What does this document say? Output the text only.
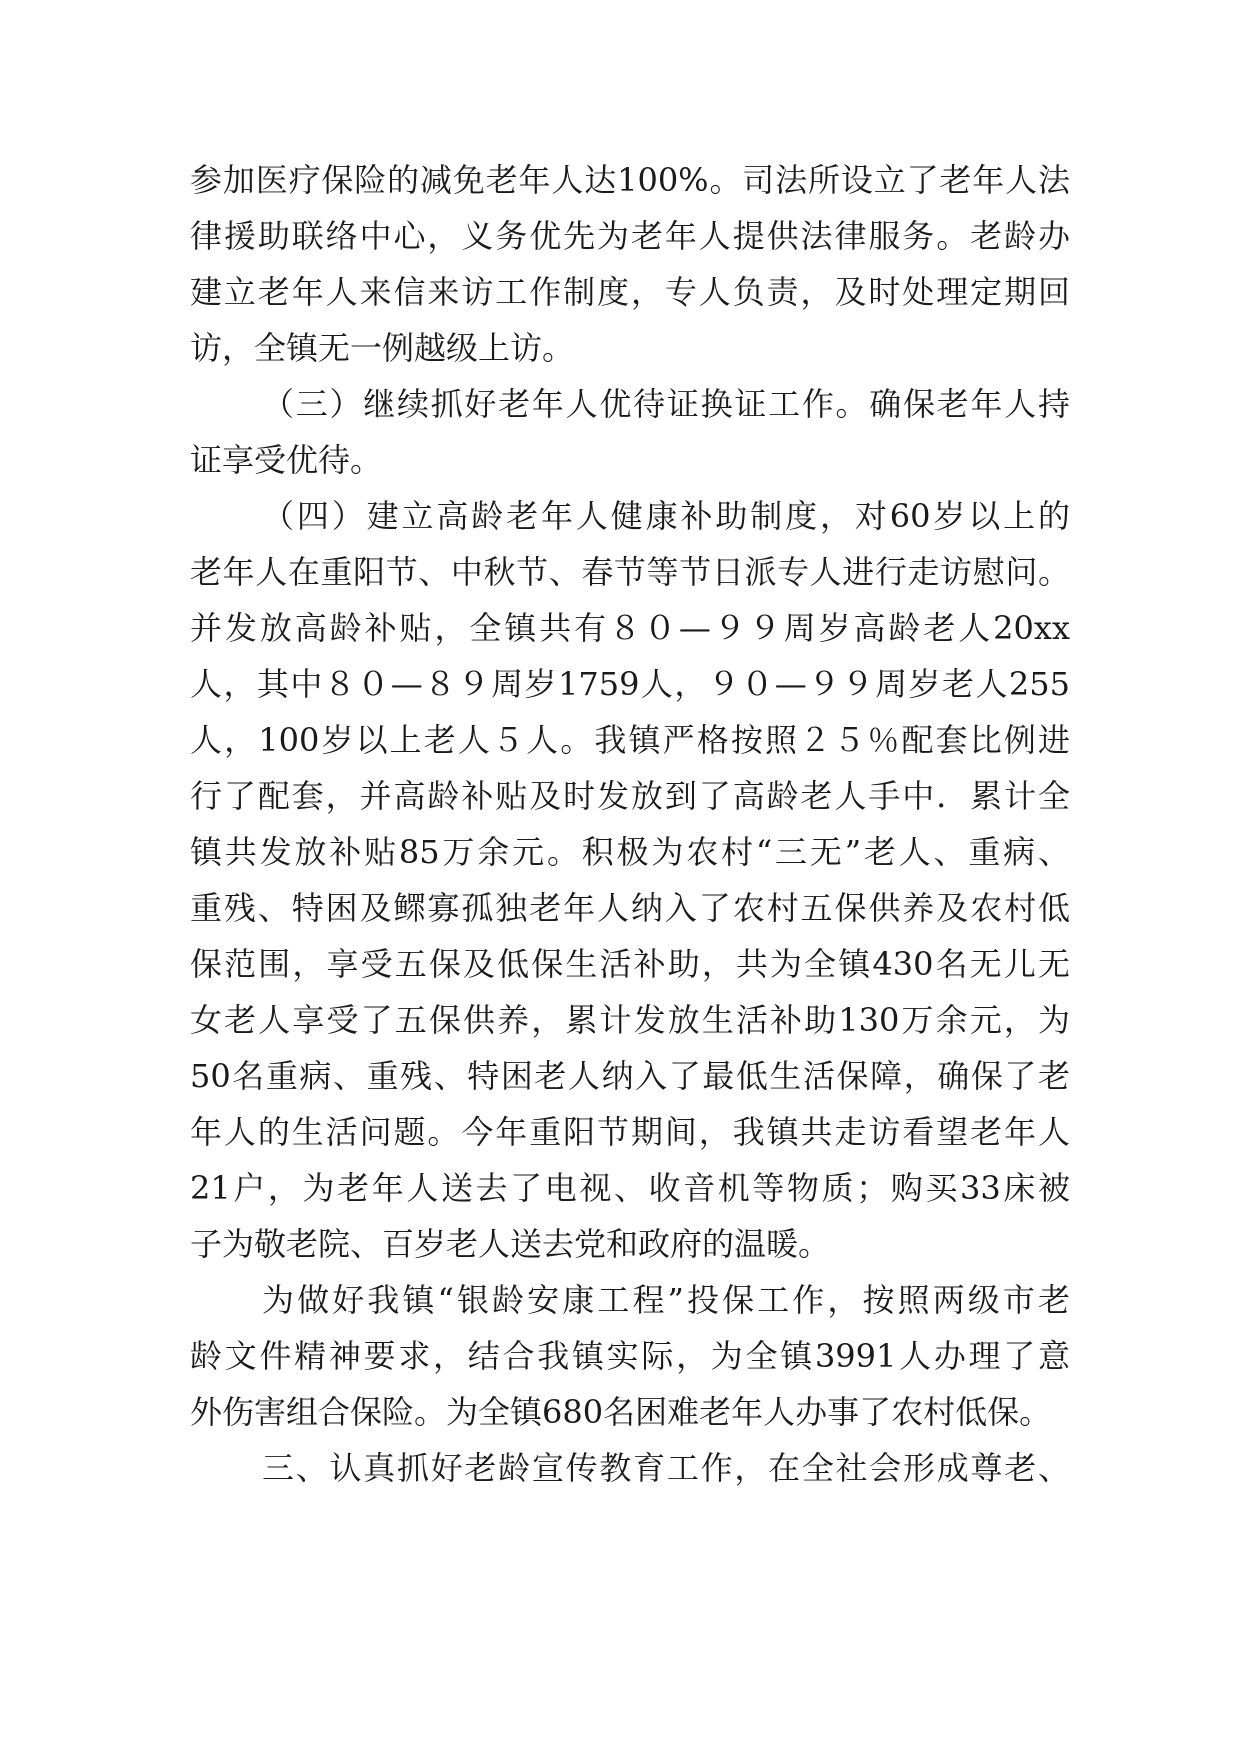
参加医疗保险的减免老年人达100%。司法所设立了老年人法
律援助联络中心，义务优先为老年人提供法律服务。老龄办
建立老年人来信来访工作制度，专人负责，及时处理定期回
访，全镇无一例越级上访。
（三）继续抓好老年人优待证换证工作。确保老年人持
证享受优待。
（四）建立高龄老年人健康补助制度，对60岁以上的
老年人在重阳节、中秋节、春节等节日派专人进行走访慰问。
并发放高龄补贴，全镇共有８０—９９周岁高龄老人20xx
人，其中８０—８９周岁1759人，９０—９９周岁老人255
人，100岁以上老人５人。我镇严格按照２５％配套比例进
行了配套，并高龄补贴及时发放到了高龄老人手中．累计全
镇共发放补贴85万余元。积极为农村“三无”老人、重病、
重残、特困及鳏寡孤独老年人纳入了农村五保供养及农村低
保范围，享受五保及低保生活补助，共为全镇430名无儿无
女老人享受了五保供养，累计发放生活补助130万余元，为
50名重病、重残、特困老人纳入了最低生活保障，确保了老
年人的生活问题。今年重阳节期间，我镇共走访看望老年人
21户，为老年人送去了电视、收音机等物质；购买33床被
子为敬老院、百岁老人送去党和政府的温暖。
为做好我镇“银龄安康工程”投保工作，按照两级市老
龄文件精神要求，结合我镇实际，为全镇3991人办理了意
外伤害组合保险。为全镇680名困难老年人办事了农村低保。
三、认真抓好老龄宣传教育工作，在全社会形成尊老、
